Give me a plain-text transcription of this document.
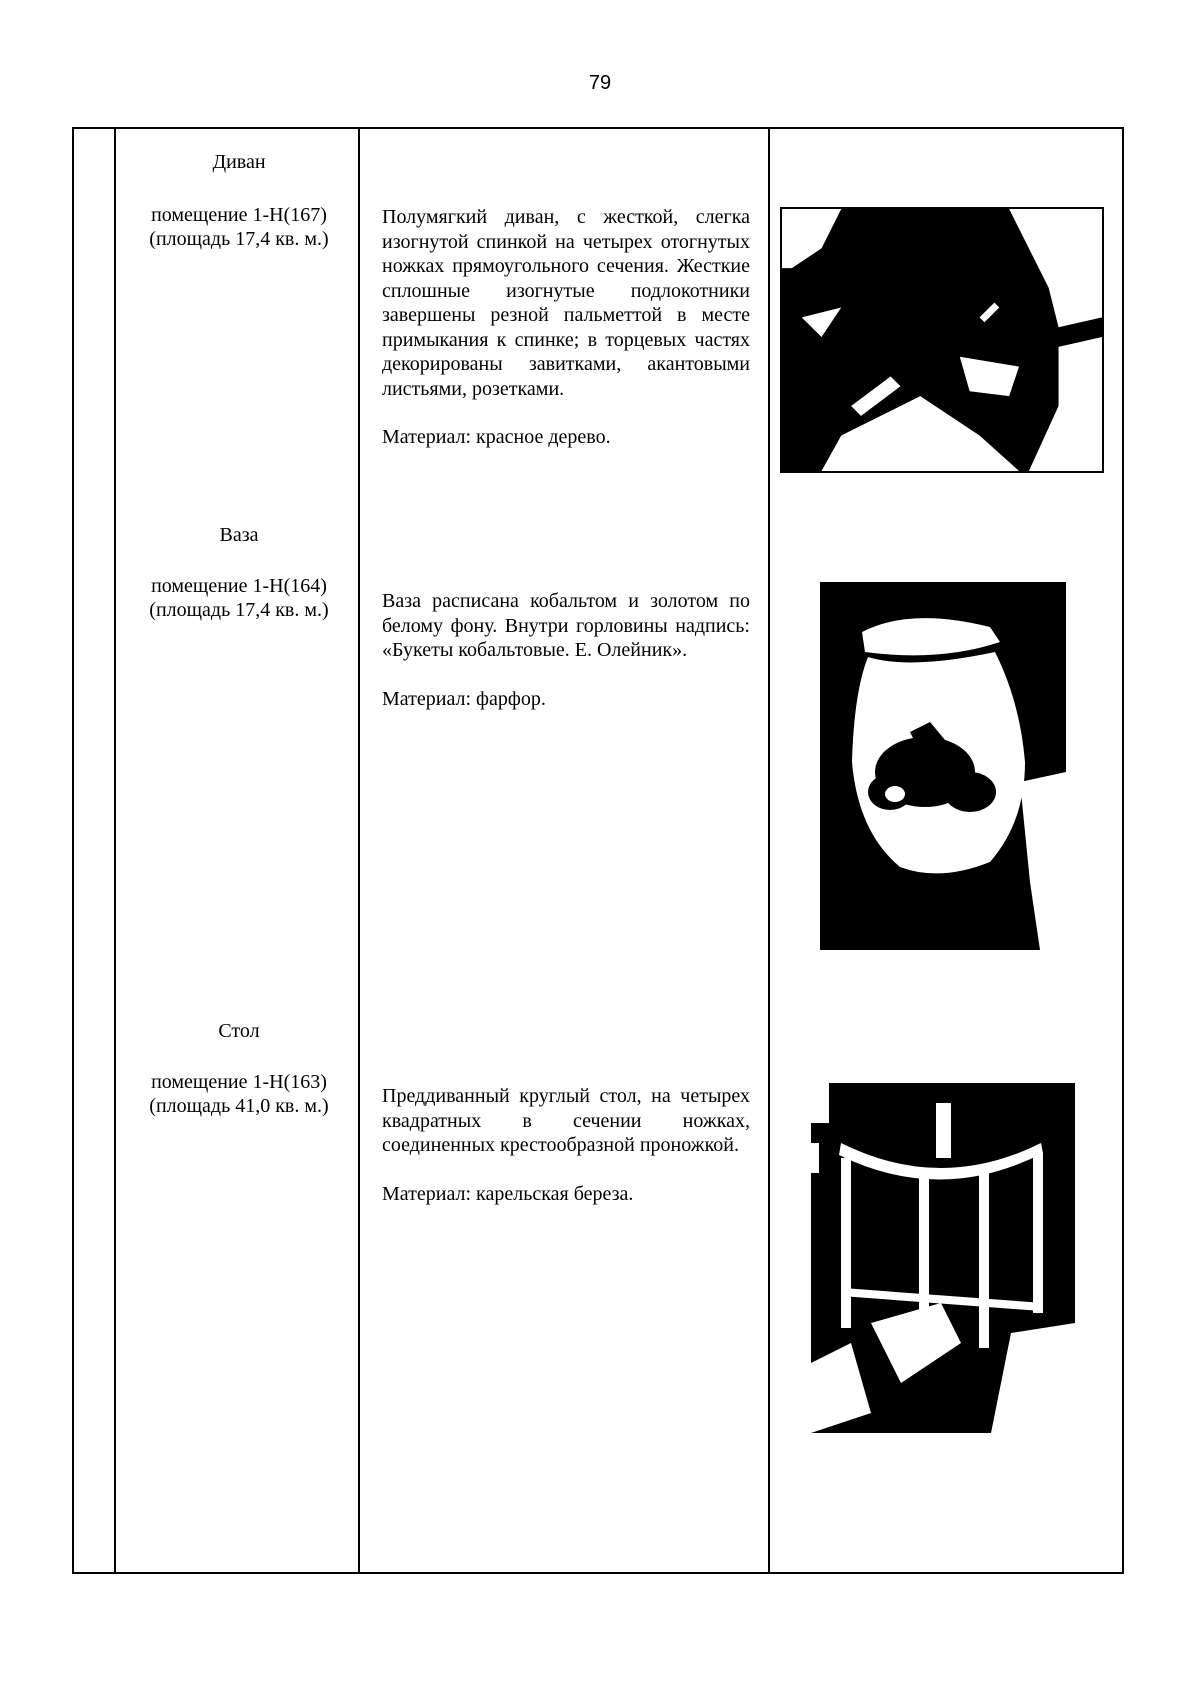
79
Диван
помещение 1-Н(167)
(площадь 17,4 кв. м.)

Полумягкий диван, с жесткой, слегка изогнутой спинкой на четырех отогнутых ножках прямоугольного сечения. Жесткие сплошные изогнутые подлокотники завершены резной пальметтой в месте примыкания к спинке; в торцевых частях декорированы завитками, акантовыми листьями, розетками.

Материал: красное дерево.

Ваза
помещение 1-Н(164)
(площадь 17,4 кв. м.)	Ваза расписана кобальтом и золотом по белому фону. Внутри горловины надпись: «Букеты кобальтовые. Е. Олейник».

Материал: фарфор.

Стол
помещение 1-Н(163)
(площадь 41,0 кв. м.)	Преддиванный круглый стол, на четырех квадратных в сечении ножках, соединенных крестообразной проножкой.

Материал: карельская береза.
